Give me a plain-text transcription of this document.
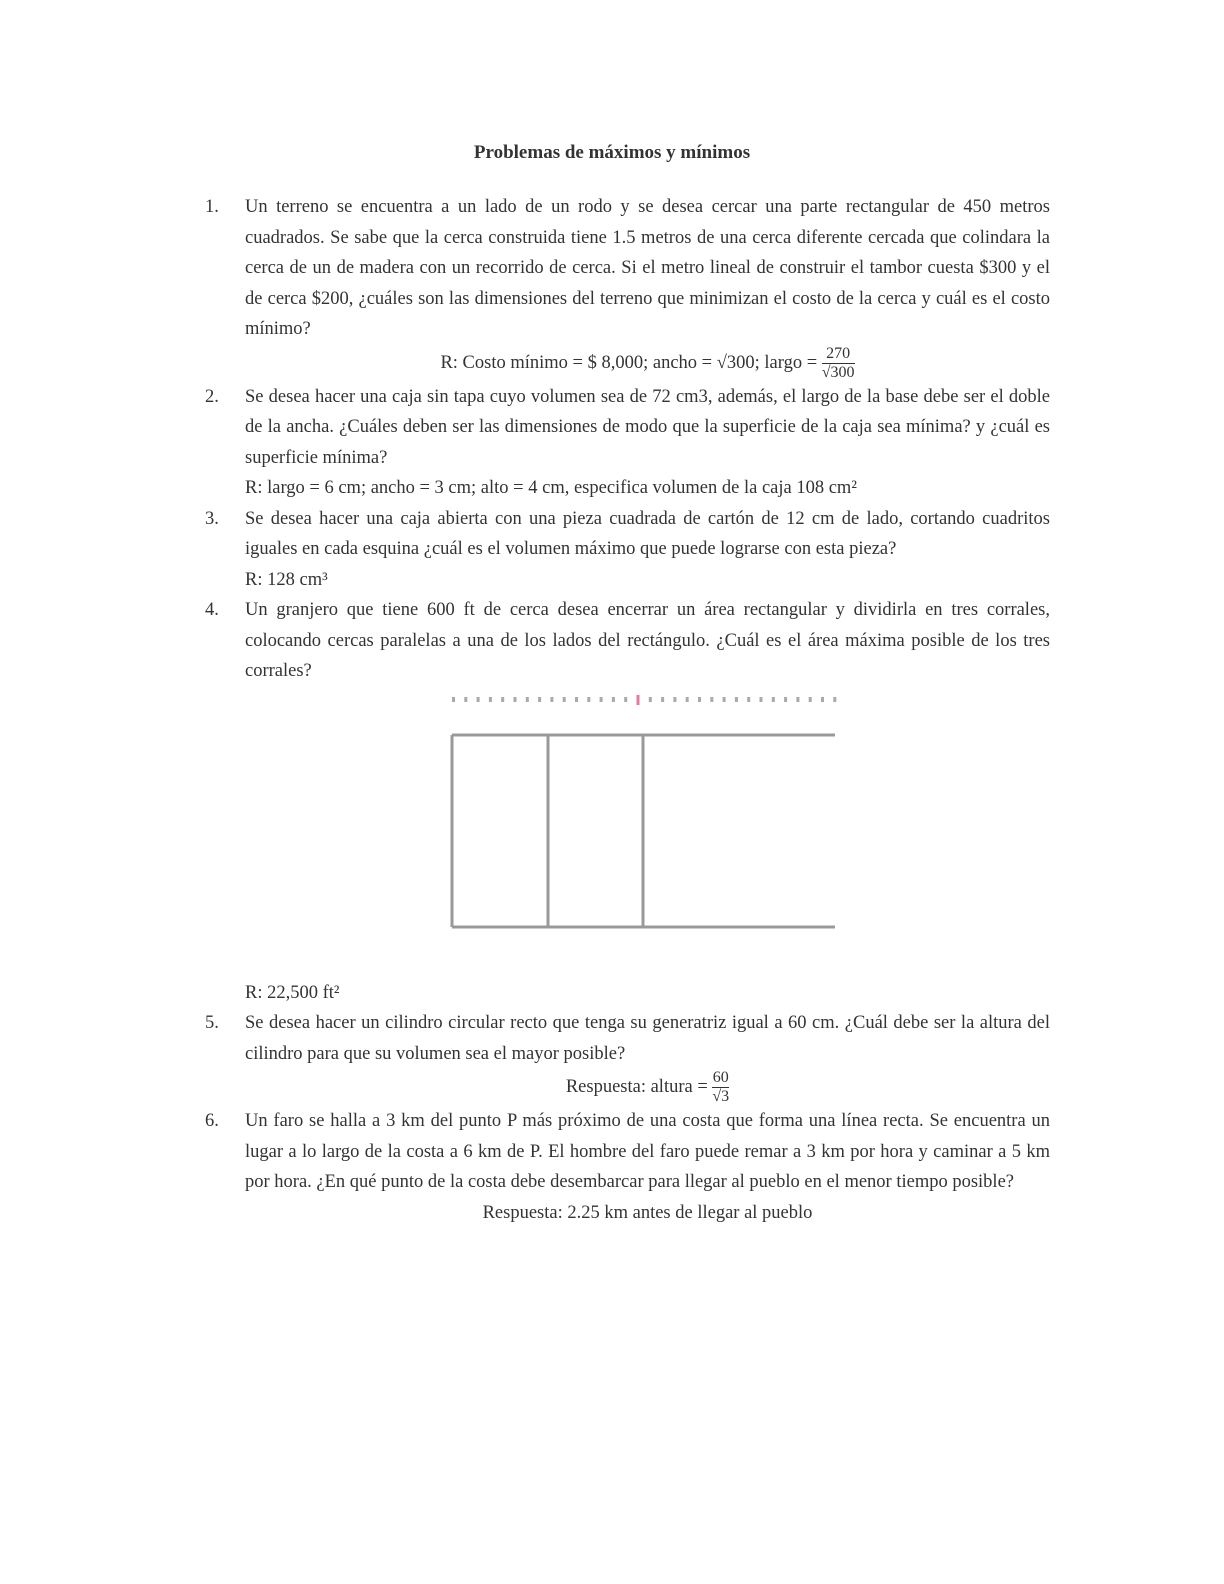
Problemas de máximos y mínimos
1.	Un terreno se encuentra a un lado de un rodo y se desea cercar una parte rectangular de 450 metros cuadrados. Se sabe que la cerca construida tiene 1.5 metros de una cerca diferente cercada que colindara la cerca de un de madera con un recorrido de cerca. Si el metro lineal de construir el tambor cuesta $300 y el de cerca $200, ¿cuáles son las dimensiones del terreno que minimizan el costo de la cerca y cuál es el costo mínimo?
R: Costo mínimo = $ 8,000; ancho = √300; largo = $\frac{270}{√300}$
2.	Se desea hacer una caja sin tapa cuyo volumen sea de 72 cm3, además, el largo de la base debe ser el doble de la ancha. ¿Cuáles deben ser las dimensiones de modo que la superficie de la caja sea mínima? y ¿cuál es superficie mínima?
R: largo = 6 cm; ancho = 3 cm; alto = 4 cm, especifica volumen de la caja 108 cm²
3.	Se desea hacer una caja abierta con una pieza cuadrada de cartón de 12 cm de lado, cortando cuadritos iguales en cada esquina ¿cuál es el volumen máximo que puede lograrse con esta pieza?
R: 128 cm³
4.	Un granjero que tiene 600 ft de cerca desea encerrar un área rectangular y dividirla en tres corrales, colocando cercas paralelas a una de los lados del rectángulo. ¿Cuál es el área máxima posible de los tres corrales?
R: 22,500 ft²
5.	Se desea hacer un cilindro circular recto que tenga su generatriz igual a 60 cm. ¿Cuál debe ser la altura del cilindro para que su volumen sea el mayor posible?
Respuesta: altura = $\frac{60}{√3}$
6.	Un faro se halla a 3 km del punto P más próximo de una costa que forma una línea recta. Se encuentra un lugar a lo largo de la costa a 6 km de P. El hombre del faro puede remar a 3 km por hora y caminar a 5 km por hora. ¿En qué punto de la costa debe desembarcar para llegar al pueblo en el menor tiempo posible?
Respuesta: 2.25 km antes de llegar al pueblo
